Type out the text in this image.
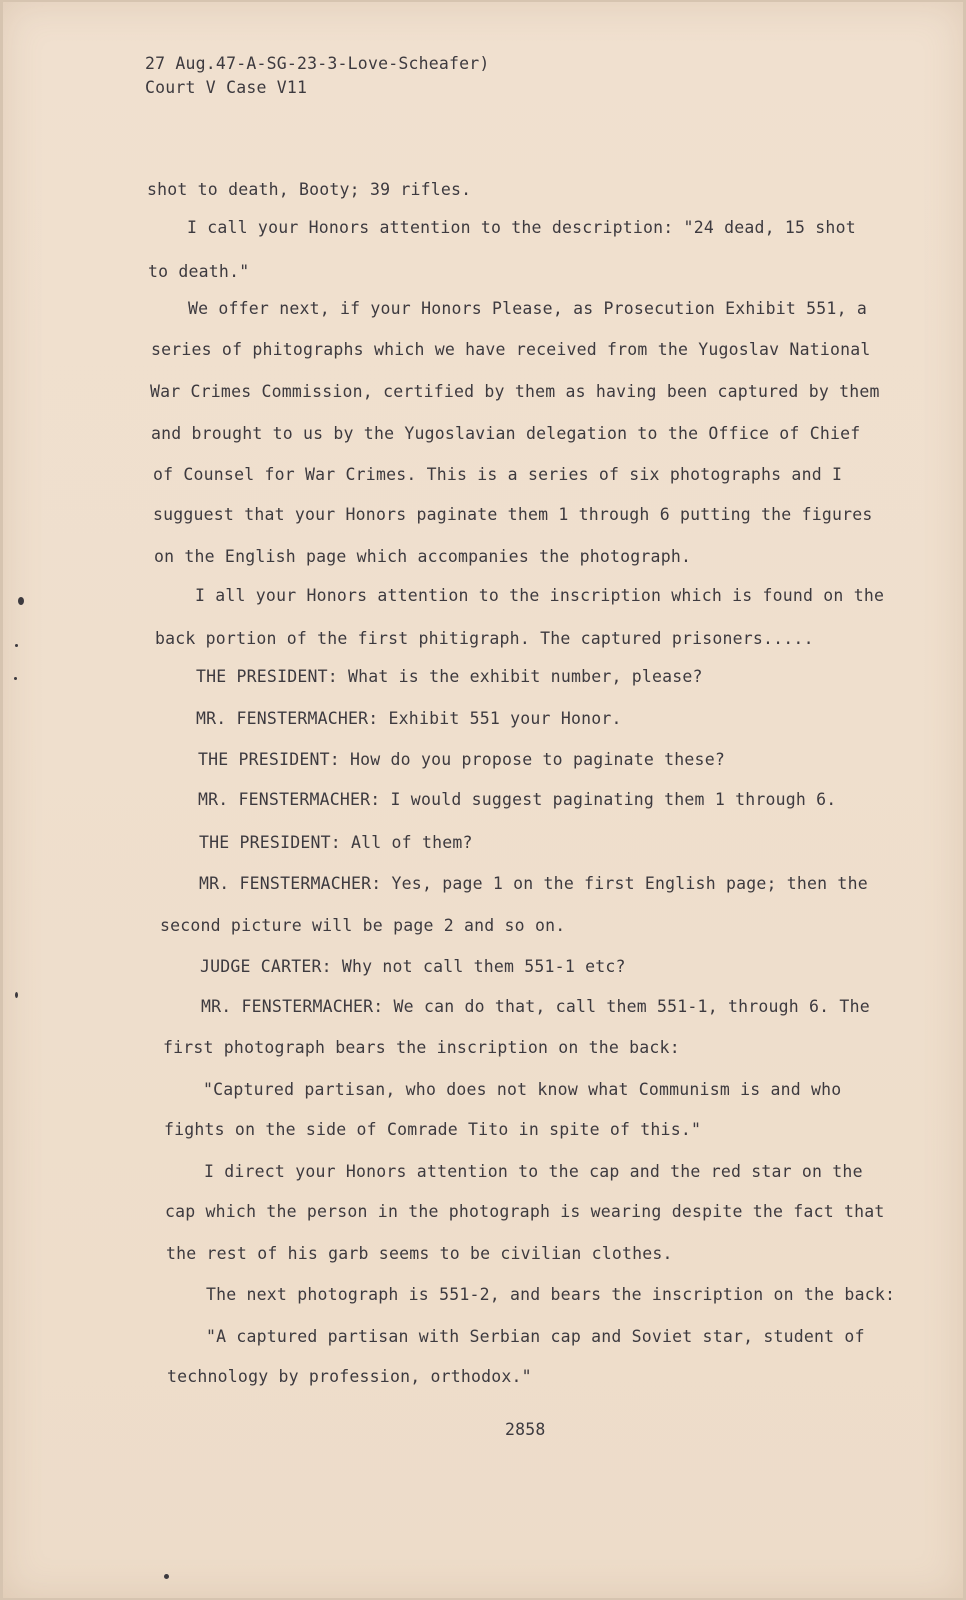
27 Aug.47-A-SG-23-3-Love-Scheafer)
Court V Case V11
shot to death, Booty; 39 rifles.
I call your Honors attention to the description: "24 dead, 15 shot
to death."
We offer next, if your Honors Please, as Prosecution Exhibit 551, a
series of phitographs which we have received from the Yugoslav National
War Crimes Commission, certified by them as having been captured by them
and brought to us by the Yugoslavian delegation to the Office of Chief
of Counsel for War Crimes. This is a series of six photographs and I
sugguest that your Honors paginate them 1 through 6 putting the figures
on the English page which accompanies the photograph.
I all your Honors attention to the inscription which is found on the
back portion of the first phitigraph. The captured prisoners.....
THE PRESIDENT: What is the exhibit number, please?
MR. FENSTERMACHER: Exhibit 551 your Honor.
THE PRESIDENT: How do you propose to paginate these?
MR. FENSTERMACHER: I would suggest paginating them 1 through 6.
THE PRESIDENT: All of them?
MR. FENSTERMACHER: Yes, page 1 on the first English page; then the
second picture will be page 2 and so on.
JUDGE CARTER: Why not call them 551-1 etc?
MR. FENSTERMACHER: We can do that, call them 551-1, through 6. The
first photograph bears the inscription on the back:
"Captured partisan, who does not know what Communism is and who
fights on the side of Comrade Tito in spite of this."
I direct your Honors attention to the cap and the red star on the
cap which the person in the photograph is wearing despite the fact that
the rest of his garb seems to be civilian clothes.
The next photograph is 551-2, and bears the inscription on the back:
"A captured partisan with Serbian cap and Soviet star, student of
technology by profession, orthodox."
2858
